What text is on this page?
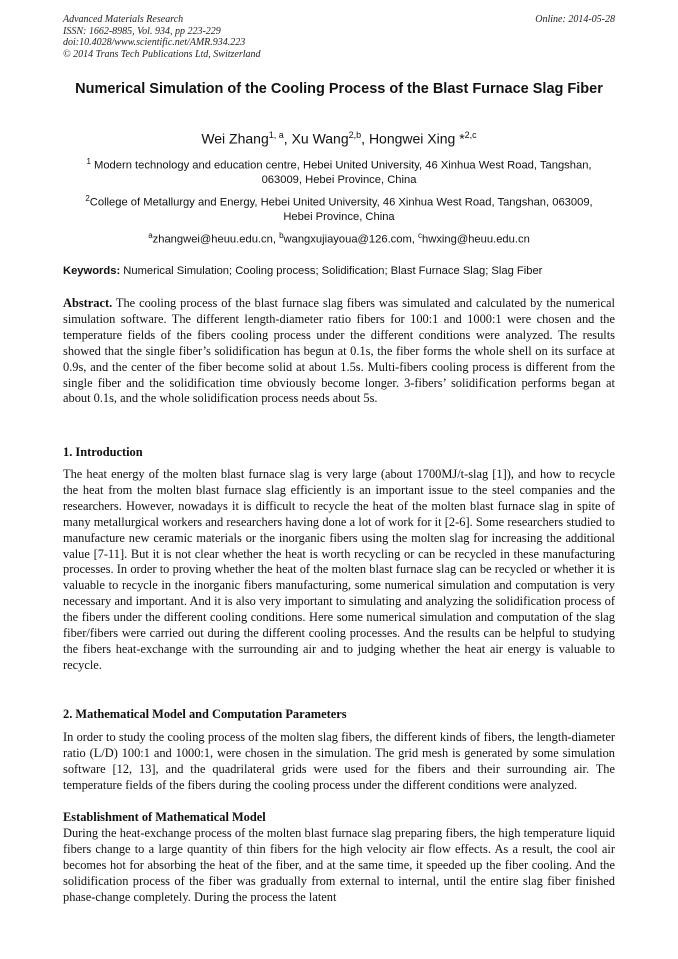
Advanced Materials Research
ISSN: 1662-8985, Vol. 934, pp 223-229
doi:10.4028/www.scientific.net/AMR.934.223
© 2014 Trans Tech Publications Ltd, Switzerland
Online: 2014-05-28
Numerical Simulation of the Cooling Process of the Blast Furnace Slag Fiber
Wei Zhang$^{1, a}$, Xu Wang$^{2,b}$, Hongwei Xing *$^{2,c}$
$^1$ Modern technology and education centre, Hebei United University, 46 Xinhua West Road, Tangshan, 063009, Hebei Province, China
$^2$College of Metallurgy and Energy, Hebei United University, 46 Xinhua West Road, Tangshan, 063009, Hebei Province, China
$^a$zhangwei@heuu.edu.cn, $^b$wangxujiayoua@126.com, $^c$hwxing@heuu.edu.cn
Keywords: Numerical Simulation; Cooling process; Solidification; Blast Furnace Slag; Slag Fiber

Abstract. The cooling process of the blast furnace slag fibers was simulated and calculated by the numerical simulation software. The different length-diameter ratio fibers for 100:1 and 1000:1 were chosen and the temperature fields of the fibers cooling process under the different conditions were analyzed. The results showed that the single fiber’s solidification has begun at 0.1s, the fiber forms the whole shell on its surface at 0.9s, and the center of the fiber become solid at about 1.5s. Multi-fibers cooling process is different from the single fiber and the solidification time obviously become longer. 3-fibers’ solidification performs began at about 0.1s, and the whole solidification process needs about 5s.

1. Introduction

The heat energy of the molten blast furnace slag is very large (about 1700MJ/t-slag [1]), and how to recycle the heat from the molten blast furnace slag efficiently is an important issue to the steel companies and the researchers. However, nowadays it is difficult to recycle the heat of the molten blast furnace slag in spite of many metallurgical workers and researchers having done a lot of work for it [2-6]. Some researchers studied to manufacture new ceramic materials or the inorganic fibers using the molten slag for increasing the additional value [7-11]. But it is not clear whether the heat is worth recycling or can be recycled in these manufacturing processes. In order to proving whether the heat of the molten blast furnace slag can be recycled or whether it is valuable to recycle in the inorganic fibers manufacturing, some numerical simulation and computation is very necessary and important. And it is also very important to simulating and analyzing the solidification process of the fibers under the different cooling conditions. Here some numerical simulation and computation of the slag fiber/fibers were carried out during the different cooling processes. And the results can be helpful to studying the fibers heat-exchange with the surrounding air and to judging whether the heat air energy is valuable to recycle.

2. Mathematical Model and Computation Parameters

In order to study the cooling process of the molten slag fibers, the different kinds of fibers, the length-diameter ratio (L/D) 100:1 and 1000:1, were chosen in the simulation. The grid mesh is generated by some simulation software [12, 13], and the quadrilateral grids were used for the fibers and their surrounding air. The temperature fields of the fibers during the cooling process under the different conditions were analyzed.

Establishment of Mathematical Model

During the heat-exchange process of the molten blast furnace slag preparing fibers, the high temperature liquid fibers change to a large quantity of thin fibers for the high velocity air flow effects. As a result, the cool air becomes hot for absorbing the heat of the fiber, and at the same time, it speeded up the fiber cooling. And the solidification process of the fiber was gradually from external to internal, until the entire slag fiber finished phase-change completely. During the process the latent
